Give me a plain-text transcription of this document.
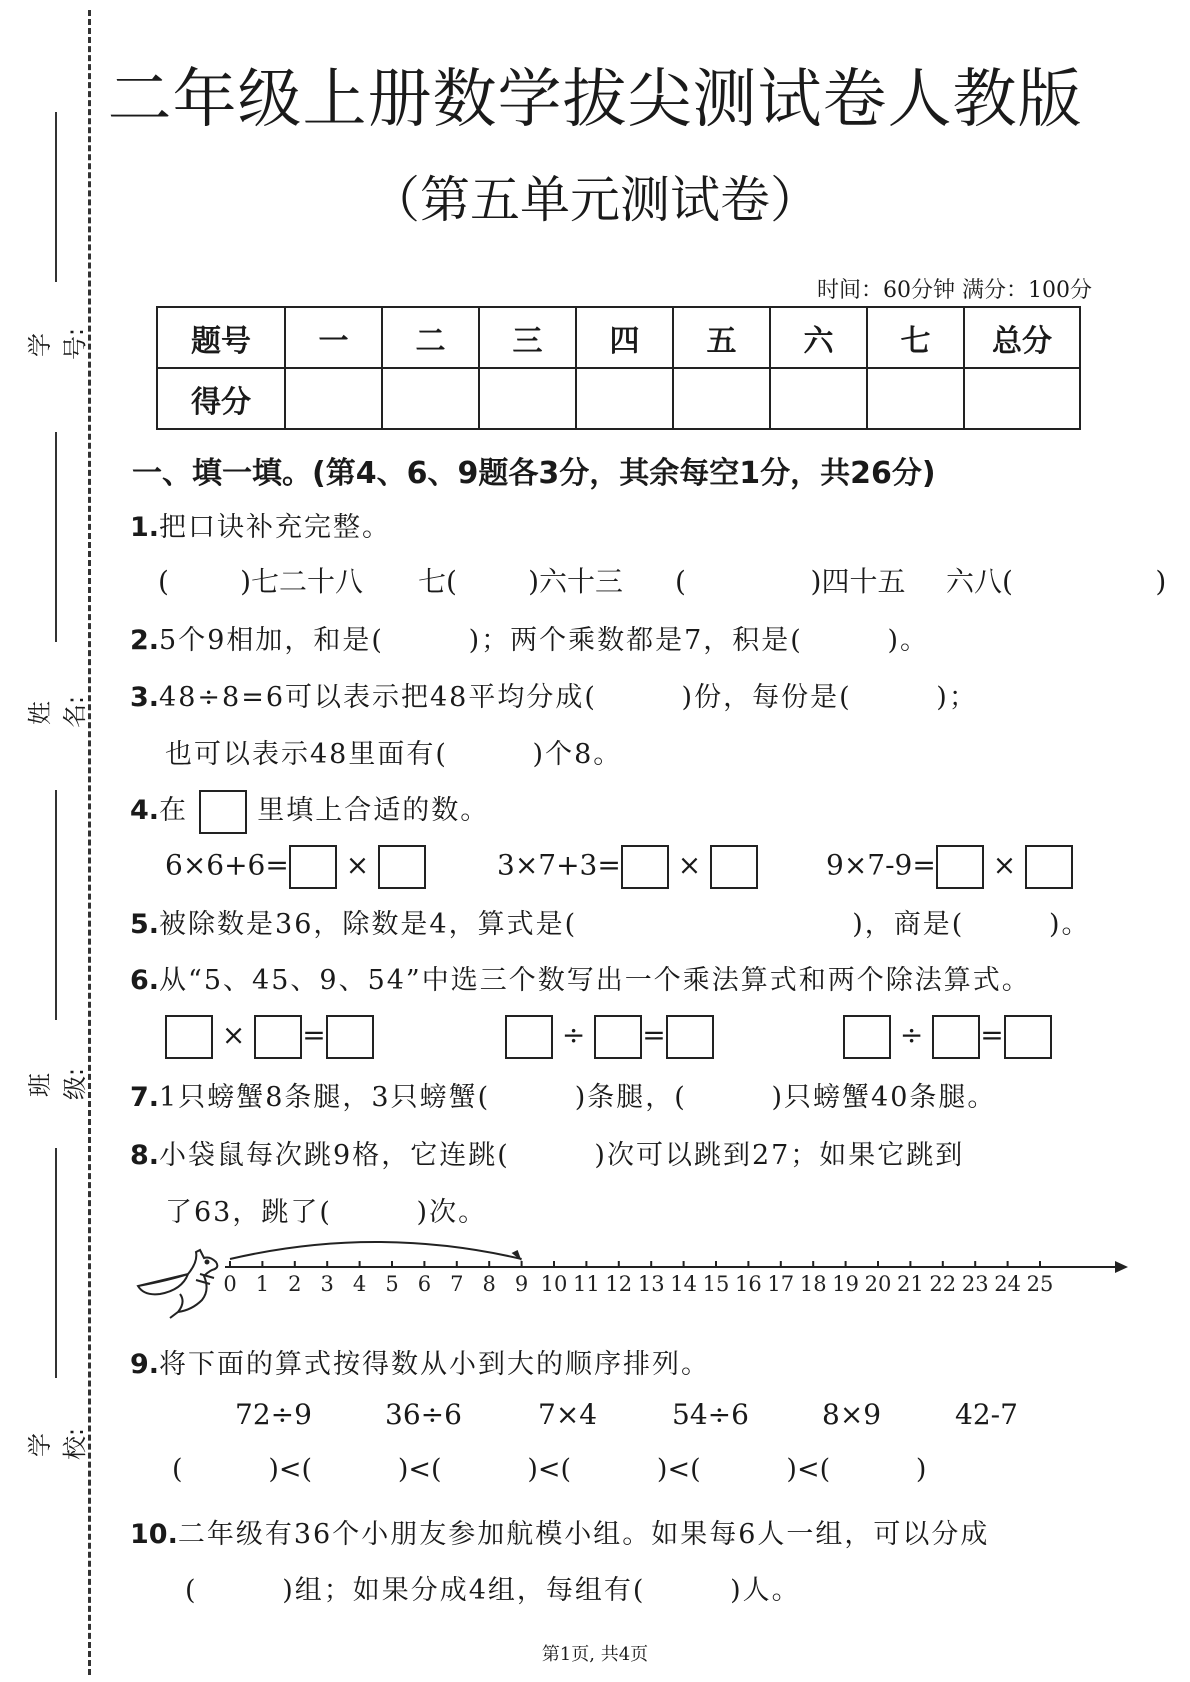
学号:
姓名:
班级:
学校:
二年级上册数学拔尖测试卷人教版
（第五单元测试卷）
时间：60分钟 满分：100分
题号	一	二	三	四	五	六	七	总分
得分								
一、填一填。(第4、6、9题各3分，其余每空1分，共26分)
1.把口诀补充完整。
(        )七二十八 七(        )六十三 (              )四十五 六八(                )
2.5个9相加，和是(        )；两个乘数都是7，积是(        )。
3.48÷8=6可以表示把48平均分成(        )份，每份是(        )；
也可以表示48里面有(        )个8。
4.在	里填上合适的数。
6×6+6= ×	3×7+3= ×	9×7-9= ×
5.被除数是36，除数是4，算式是(                          )，商是(        )。
6.从“5、45、9、54”中选三个数写出一个乘法算式和两个除法算式。
× =	÷ =	÷ =
7.1只螃蟹8条腿，3只螃蟹(        )条腿，(        )只螃蟹40条腿。
8.小袋鼠每次跳9格，它连跳(        )次可以跳到27；如果它跳到
了63，跳了(        )次。
0 1 2 3 4 5 6 7 8 9 10 11 12 13 14 15 16 17 18 19 20 21 22 23 24 25
9.将下面的算式按得数从小到大的顺序排列。
72÷9	36÷6	7×4	54÷6	8×9	42-7
(          )<(          )<(          )<(          )<(          )<(          )
10.二年级有36个小朋友参加航模小组。如果每6人一组，可以分成
(        )组；如果分成4组，每组有(        )人。
第1页, 共4页
